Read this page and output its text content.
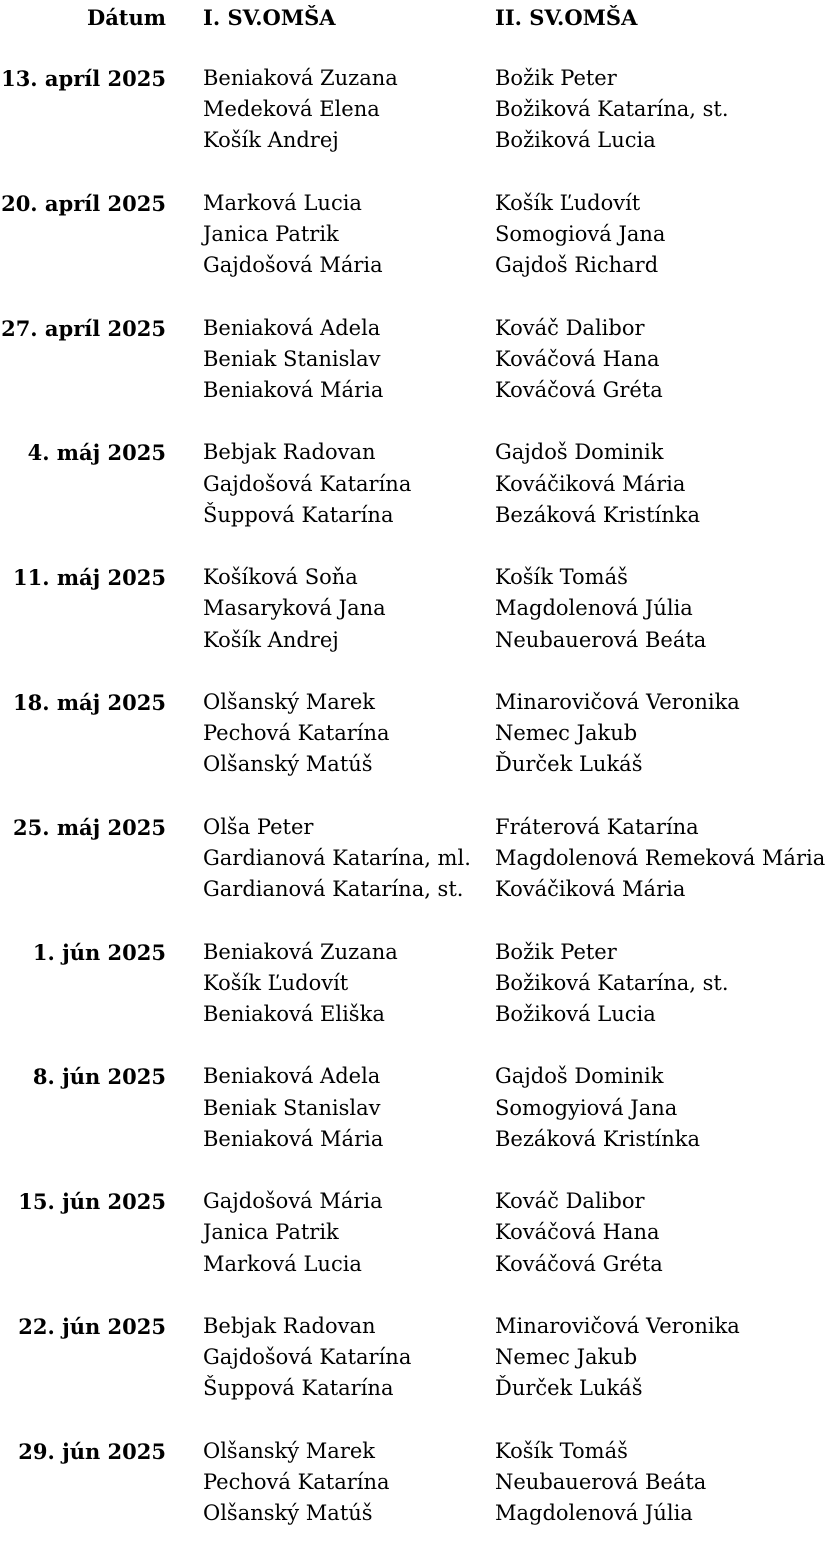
Dátum I. SV.OMŠA	II. SV.OMŠA
13. apríl 2025 Beniaková Zuzana
Medeková Elena
Košík Andrej
Božik Peter
Božiková Katarína, st.
Božiková Lucia
20. apríl 2025 Marková Lucia
Janica Patrik
Gajdošová Mária
Košík Ľudovít
Somogiová Jana
Gajdoš Richard
27. apríl 2025 Beniaková Adela
Beniak Stanislav
Beniaková Mária
Kováč Dalibor
Kováčová Hana
Kováčová Gréta
4. máj 2025 Bebjak Radovan
Gajdošová Katarína
Šuppová Katarína
Gajdoš Dominik
Kováčiková Mária
Bezáková Kristínka
11. máj 2025 Košíková Soňa
Masaryková Jana
Košík Andrej
Košík Tomáš
Magdolenová Júlia
Neubauerová Beáta
18. máj 2025 Olšanský Marek
Pechová Katarína
Olšanský Matúš
Minarovičová Veronika
Nemec Jakub
Ďurček Lukáš
25. máj 2025 Olša Peter
Gardianová Katarína, ml.
Gardianová Katarína, st.
Fráterová Katarína
Magdolenová Remeková Mária
Kováčiková Mária
1. jún 2025 Beniaková Zuzana
Košík Ľudovít
Beniaková Eliška
Božik Peter
Božiková Katarína, st.
Božiková Lucia
8. jún 2025 Beniaková Adela
Beniak Stanislav
Beniaková Mária
Gajdoš Dominik
Somogyiová Jana
Bezáková Kristínka
15. jún 2025 Gajdošová Mária
Janica Patrik
Marková Lucia
Kováč Dalibor
Kováčová Hana
Kováčová Gréta
22. jún 2025 Bebjak Radovan
Gajdošová Katarína
Šuppová Katarína
Minarovičová Veronika
Nemec Jakub
Ďurček Lukáš
29. jún 2025 Olšanský Marek
Pechová Katarína
Olšanský Matúš
Košík Tomáš
Neubauerová Beáta
Magdolenová Júlia
